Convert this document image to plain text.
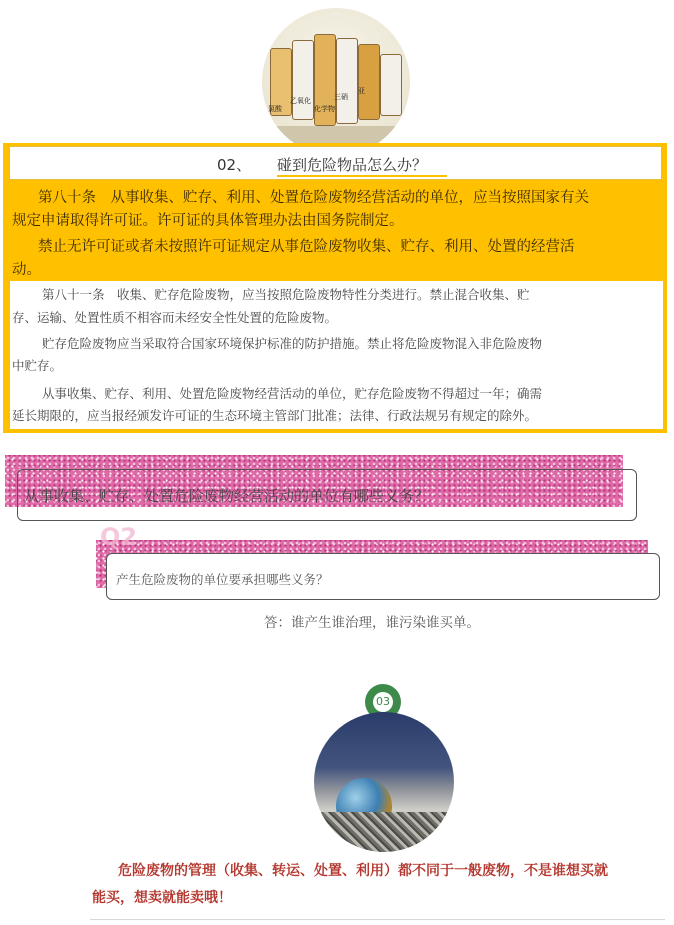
氯酸
乙氧化
化学物
三硝
亚
02、 碰到危险物品怎么办？
第八十条　从事收集、贮存、利用、处置危险废物经营活动的单位，应当按照国家有关
规定申请取得许可证。许可证的具体管理办法由国务院制定。
禁止无许可证或者未按照许可证规定从事危险废物收集、贮存、利用、处置的经营活
动。
第八十一条　收集、贮存危险废物，应当按照危险废物特性分类进行。禁止混合收集、贮
存、运输、处置性质不相容而未经安全性处置的危险废物。
贮存危险废物应当采取符合国家环境保护标准的防护措施。禁止将危险废物混入非危险废物
中贮存。
从事收集、贮存、利用、处置危险废物经营活动的单位，贮存危险废物不得超过一年；确需
延长期限的，应当报经颁发许可证的生态环境主管部门批准；法律、行政法规另有规定的除外。
从事收集、贮存、处置危险废物经营活动的单位有哪些义务？
Q2
产生危险废物的单位要承担哪些义务？
答：谁产生谁治理，谁污染谁买单。
03
危险废物的管理（收集、转运、处置、利用）都不同于一般废物，不是谁想买就
能买，想卖就能卖哦！
